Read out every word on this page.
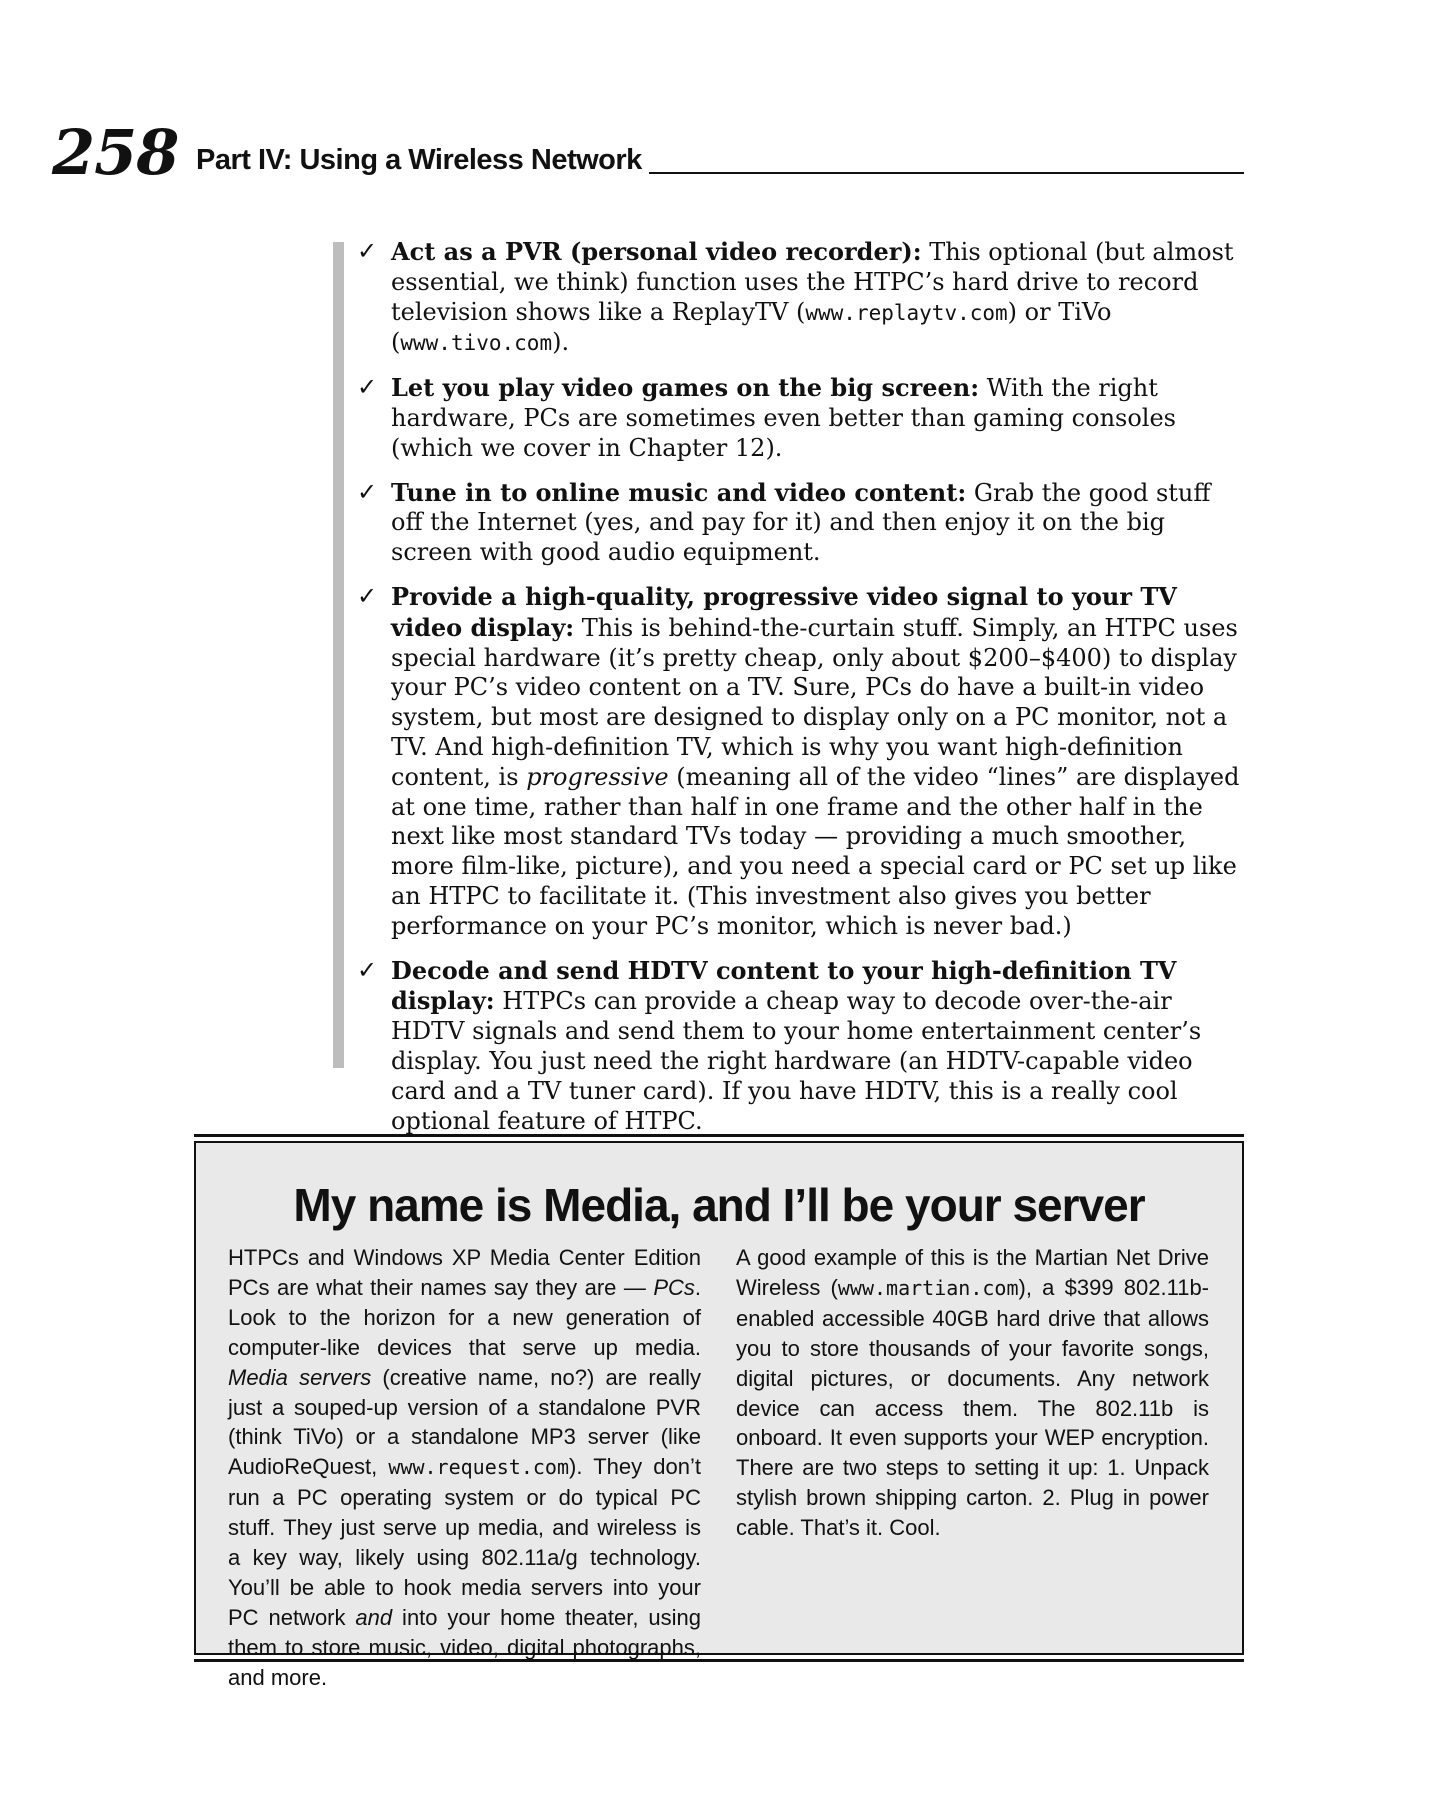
258 Part IV: Using a Wireless Network
✓ Act as a PVR (personal video recorder): This optional (but almost essential, we think) function uses the HTPC’s hard drive to record television shows like a ReplayTV (www.replaytv.com) or TiVo (www.tivo.com).
✓ Let you play video games on the big screen: With the right hardware, PCs are sometimes even better than gaming consoles (which we cover in Chapter 12).
✓ Tune in to online music and video content: Grab the good stuff off the Internet (yes, and pay for it) and then enjoy it on the big screen with good audio equipment.
✓ Provide a high-quality, progressive video signal to your TV video display: This is behind-the-curtain stuff. Simply, an HTPC uses special hardware (it’s pretty cheap, only about $200–$400) to display your PC’s video content on a TV. Sure, PCs do have a built-in video system, but most are designed to display only on a PC monitor, not a TV. And high-definition TV, which is why you want high-definition content, is progressive (meaning all of the video “lines” are displayed at one time, rather than half in one frame and the other half in the next like most standard TVs today — providing a much smoother, more film-like, picture), and you need a special card or PC set up like an HTPC to facilitate it. (This investment also gives you better performance on your PC’s monitor, which is never bad.)
✓ Decode and send HDTV content to your high-definition TV display: HTPCs can provide a cheap way to decode over-the-air HDTV signals and send them to your home entertainment center’s display. You just need the right hardware (an HDTV-capable video card and a TV tuner card). If you have HDTV, this is a really cool optional feature of HTPC.
My name is Media, and I’ll be your server

HTPCs and Windows XP Media Center Edition PCs are what their names say they are — PCs. Look to the horizon for a new generation of computer-like devices that serve up media. Media servers (creative name, no?) are really just a souped-up version of a standalone PVR (think TiVo) or a standalone MP3 server (like AudioReQuest, www.request.com). They don’t run a PC operating system or do typical PC stuff. They just serve up media, and wireless is a key way, likely using 802.11a/g technology. You’ll be able to hook media servers into your PC network and into your home theater, using them to store music, video, digital photographs, and more.

A good example of this is the Martian Net Drive Wireless (www.martian.com), a $399 802.11b-enabled accessible 40GB hard drive that allows you to store thousands of your favorite songs, digital pictures, or documents. Any network device can access them. The 802.11b is onboard. It even supports your WEP encryption. There are two steps to setting it up: 1. Unpack stylish brown shipping carton. 2. Plug in power cable. That’s it. Cool.
